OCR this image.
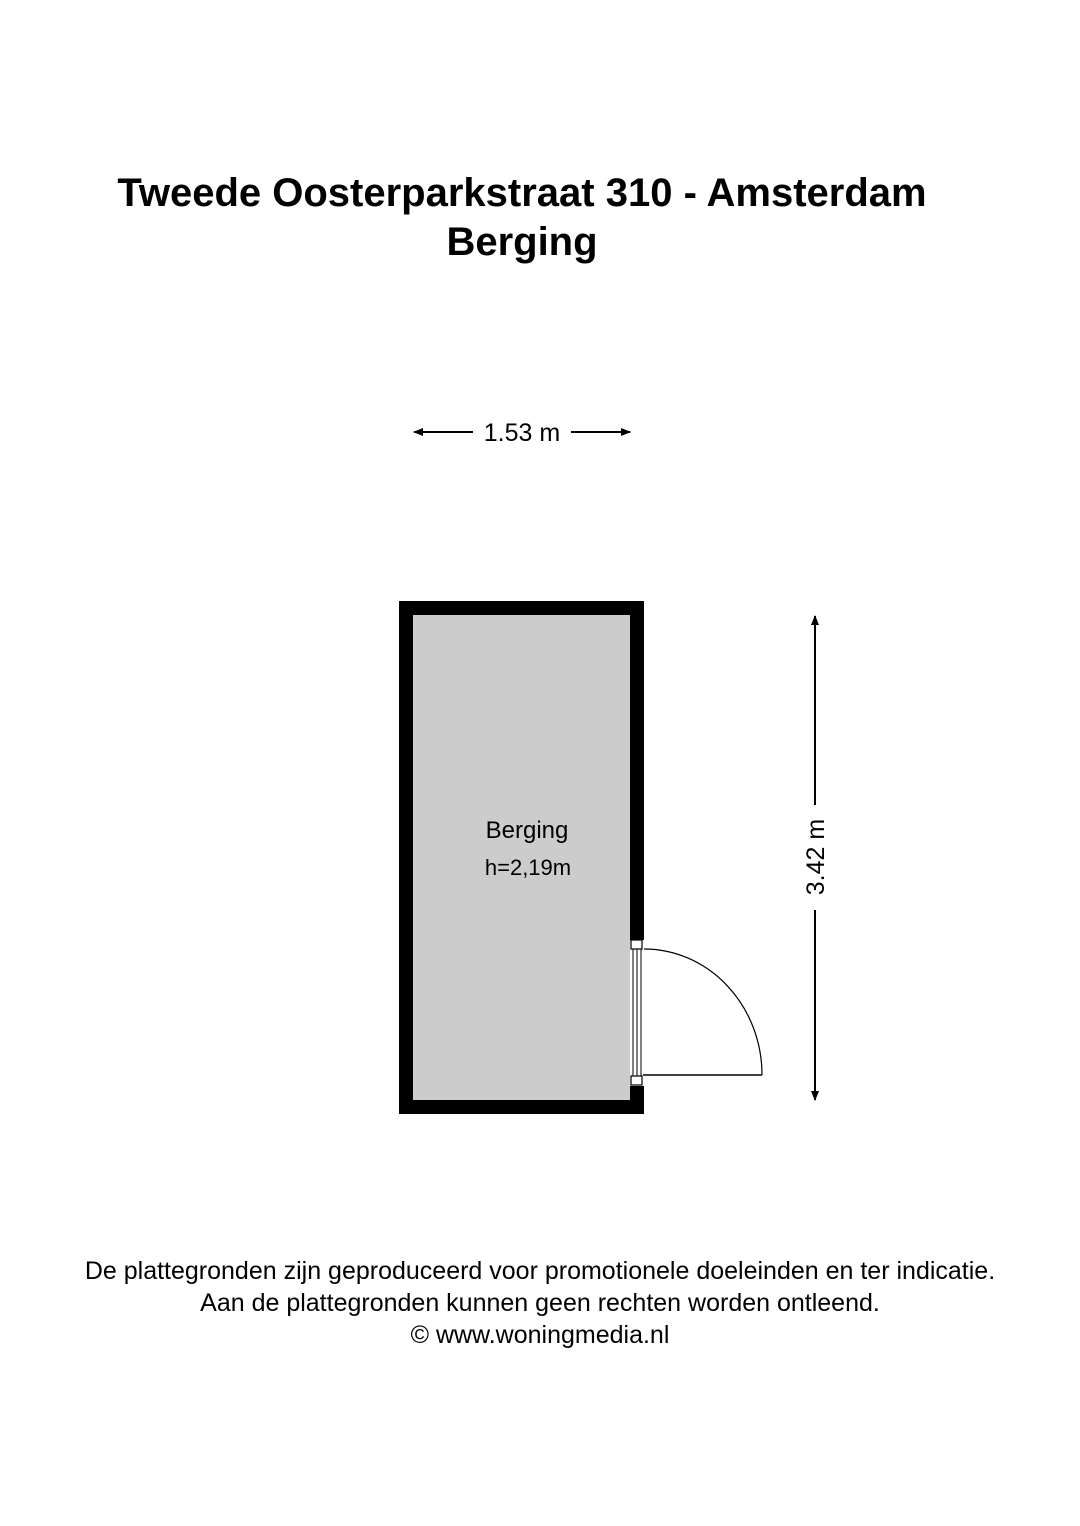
Tweede Oosterparkstraat 310 - Amsterdam
Berging
1.53 m
Berging
h=2,19m	3.42 m

De plattegronden zijn geproduceerd voor promotionele doeleinden en ter indicatie.

Aan de plattegronden kunnen geen rechten worden ontleend.

© www.woningmedia.nl
